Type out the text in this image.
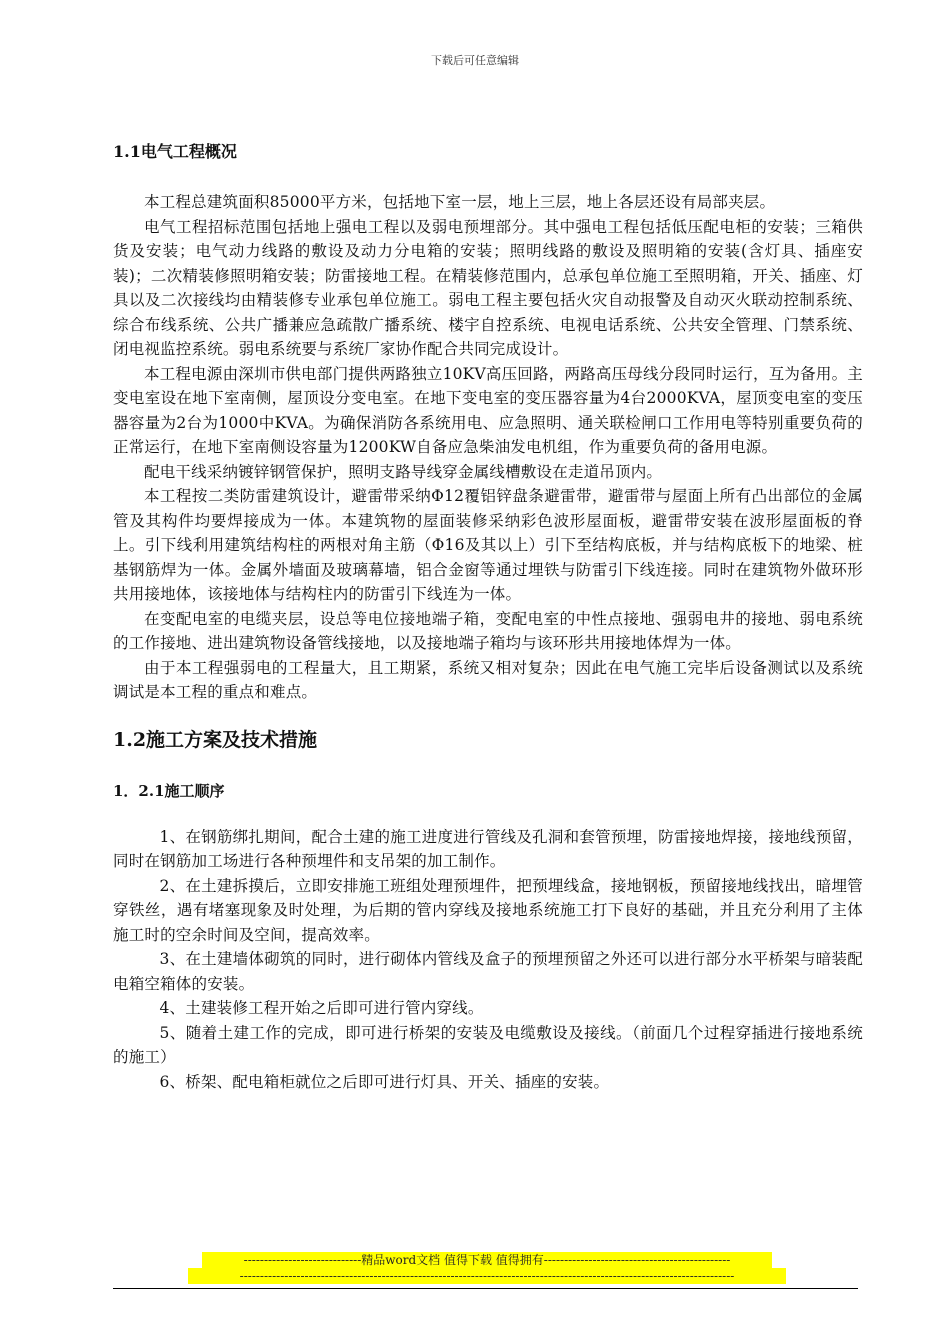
下载后可任意编辑
1.1电气工程概况

本工程总建筑面积85000平方米，包括地下室一层，地上三层，地上各层还设有局部夹层。

电气工程招标范围包括地上强电工程以及弱电预埋部分。其中强电工程包括低压配电柜的安装；三箱供货及安装；电气动力线路的敷设及动力分电箱的安装；照明线路的敷设及照明箱的安装(含灯具、插座安装)；二次精装修照明箱安装；防雷接地工程。在精装修范围内，总承包单位施工至照明箱，开关、插座、灯具以及二次接线均由精装修专业承包单位施工。弱电工程主要包括火灾自动报警及自动灭火联动控制系统、综合布线系统、公共广播兼应急疏散广播系统、楼宇自控系统、电视电话系统、公共安全管理、门禁系统、闭电视监控系统。弱电系统要与系统厂家协作配合共同完成设计。

本工程电源由深圳市供电部门提供两路独立10KV高压回路，两路高压母线分段同时运行，互为备用。主变电室设在地下室南侧，屋顶设分变电室。在地下变电室的变压器容量为4台2000KVA，屋顶变电室的变压器容量为2台为1000中KVA。为确保消防各系统用电、应急照明、通关联检闸口工作用电等特别重要负荷的正常运行，在地下室南侧设容量为1200KW自备应急柴油发电机组，作为重要负荷的备用电源。

配电干线采纳镀锌钢管保护，照明支路导线穿金属线槽敷设在走道吊顶内。

本工程按二类防雷建筑设计，避雷带采纳Φ12覆铝锌盘条避雷带，避雷带与屋面上所有凸出部位的金属管及其构件均要焊接成为一体。本建筑物的屋面装修采纳彩色波形屋面板，避雷带安装在波形屋面板的脊上。引下线利用建筑结构柱的两根对角主筋（Φ16及其以上）引下至结构底板，并与结构底板下的地梁、桩基钢筋焊为一体。金属外墙面及玻璃幕墙，铝合金窗等通过埋铁与防雷引下线连接。同时在建筑物外做环形共用接地体，该接地体与结构柱内的防雷引下线连为一体。

在变配电室的电缆夹层，设总等电位接地端子箱，变配电室的中性点接地、强弱电井的接地、弱电系统的工作接地、进出建筑物设备管线接地，以及接地端子箱均与该环形共用接地体焊为一体。

由于本工程强弱电的工程量大，且工期紧，系统又相对复杂；因此在电气施工完毕后设备测试以及系统调试是本工程的重点和难点。

1.2施工方案及技术措施
1．2.1施工顺序

1、在钢筋绑扎期间，配合土建的施工进度进行管线及孔洞和套管预埋，防雷接地焊接，接地线预留，同时在钢筋加工场进行各种预埋件和支吊架的加工制作。

2、在土建拆摸后，立即安排施工班组处理预埋件，把预埋线盒，接地钢板，预留接地线找出，暗埋管穿铁丝，遇有堵塞现象及时处理，为后期的管内穿线及接地系统施工打下良好的基础，并且充分利用了主体施工时的空余时间及空间，提高效率。

3、在土建墙体砌筑的同时，进行砌体内管线及盒子的预埋预留之外还可以进行部分水平桥架与暗装配电箱空箱体的安装。

4、土建装修工程开始之后即可进行管内穿线。

5、随着土建工作的完成，即可进行桥架的安装及电缆敷设及接线。（前面几个过程穿插进行接地系统的施工）

6、桥架、配电箱柜就位之后即可进行灯具、开关、插座的安装。

-----------------------------精品word文档 值得下载 值得拥有----------------------------------------------
--------------------------------------------------------------------------------------------------------------------------
